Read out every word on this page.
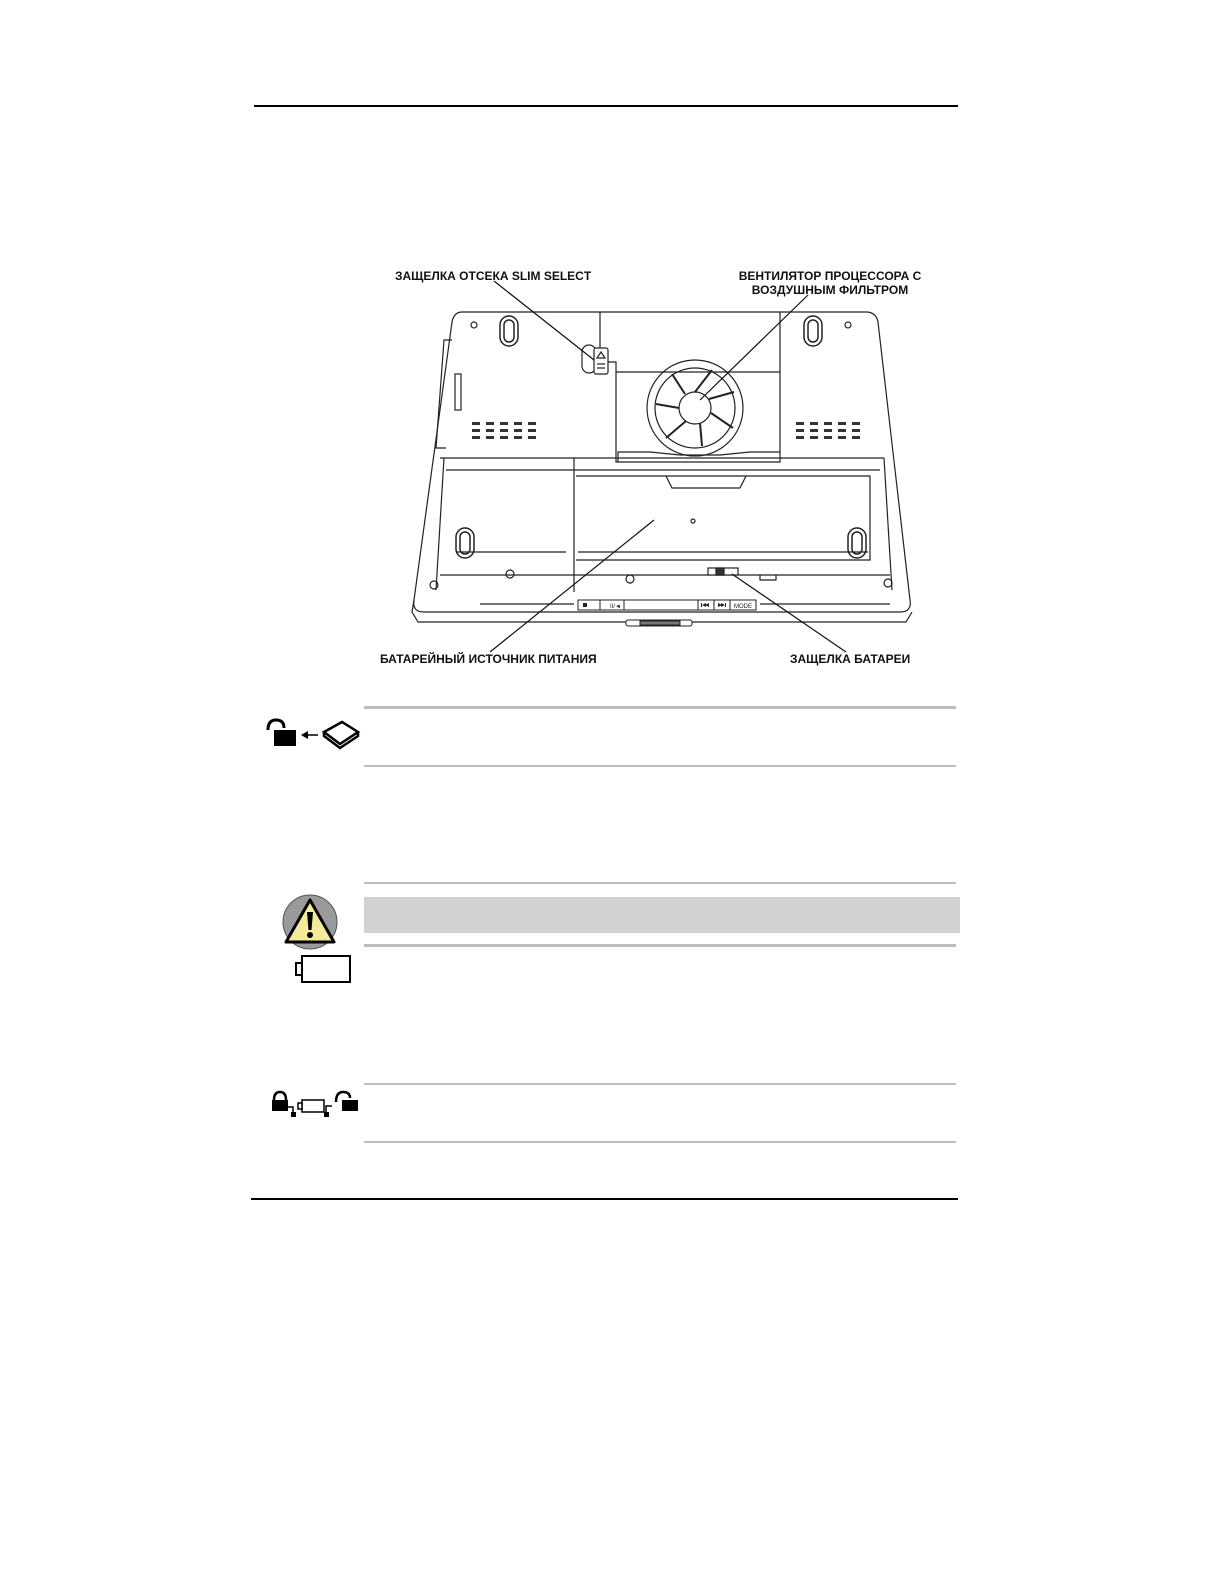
ЗАЩЕЛКА ОТСЕКА SLIM SELECT	ВЕНТИЛЯТОР ПРОЦЕССОРА С
ВОЗДУШНЫМ ФИЛЬТРОМ
БАТАРЕЙНЫЙ ИСТОЧНИК ПИТАНИЯ	ЗАЩЕЛКА БАТАРЕИ
II/◄	MODE
